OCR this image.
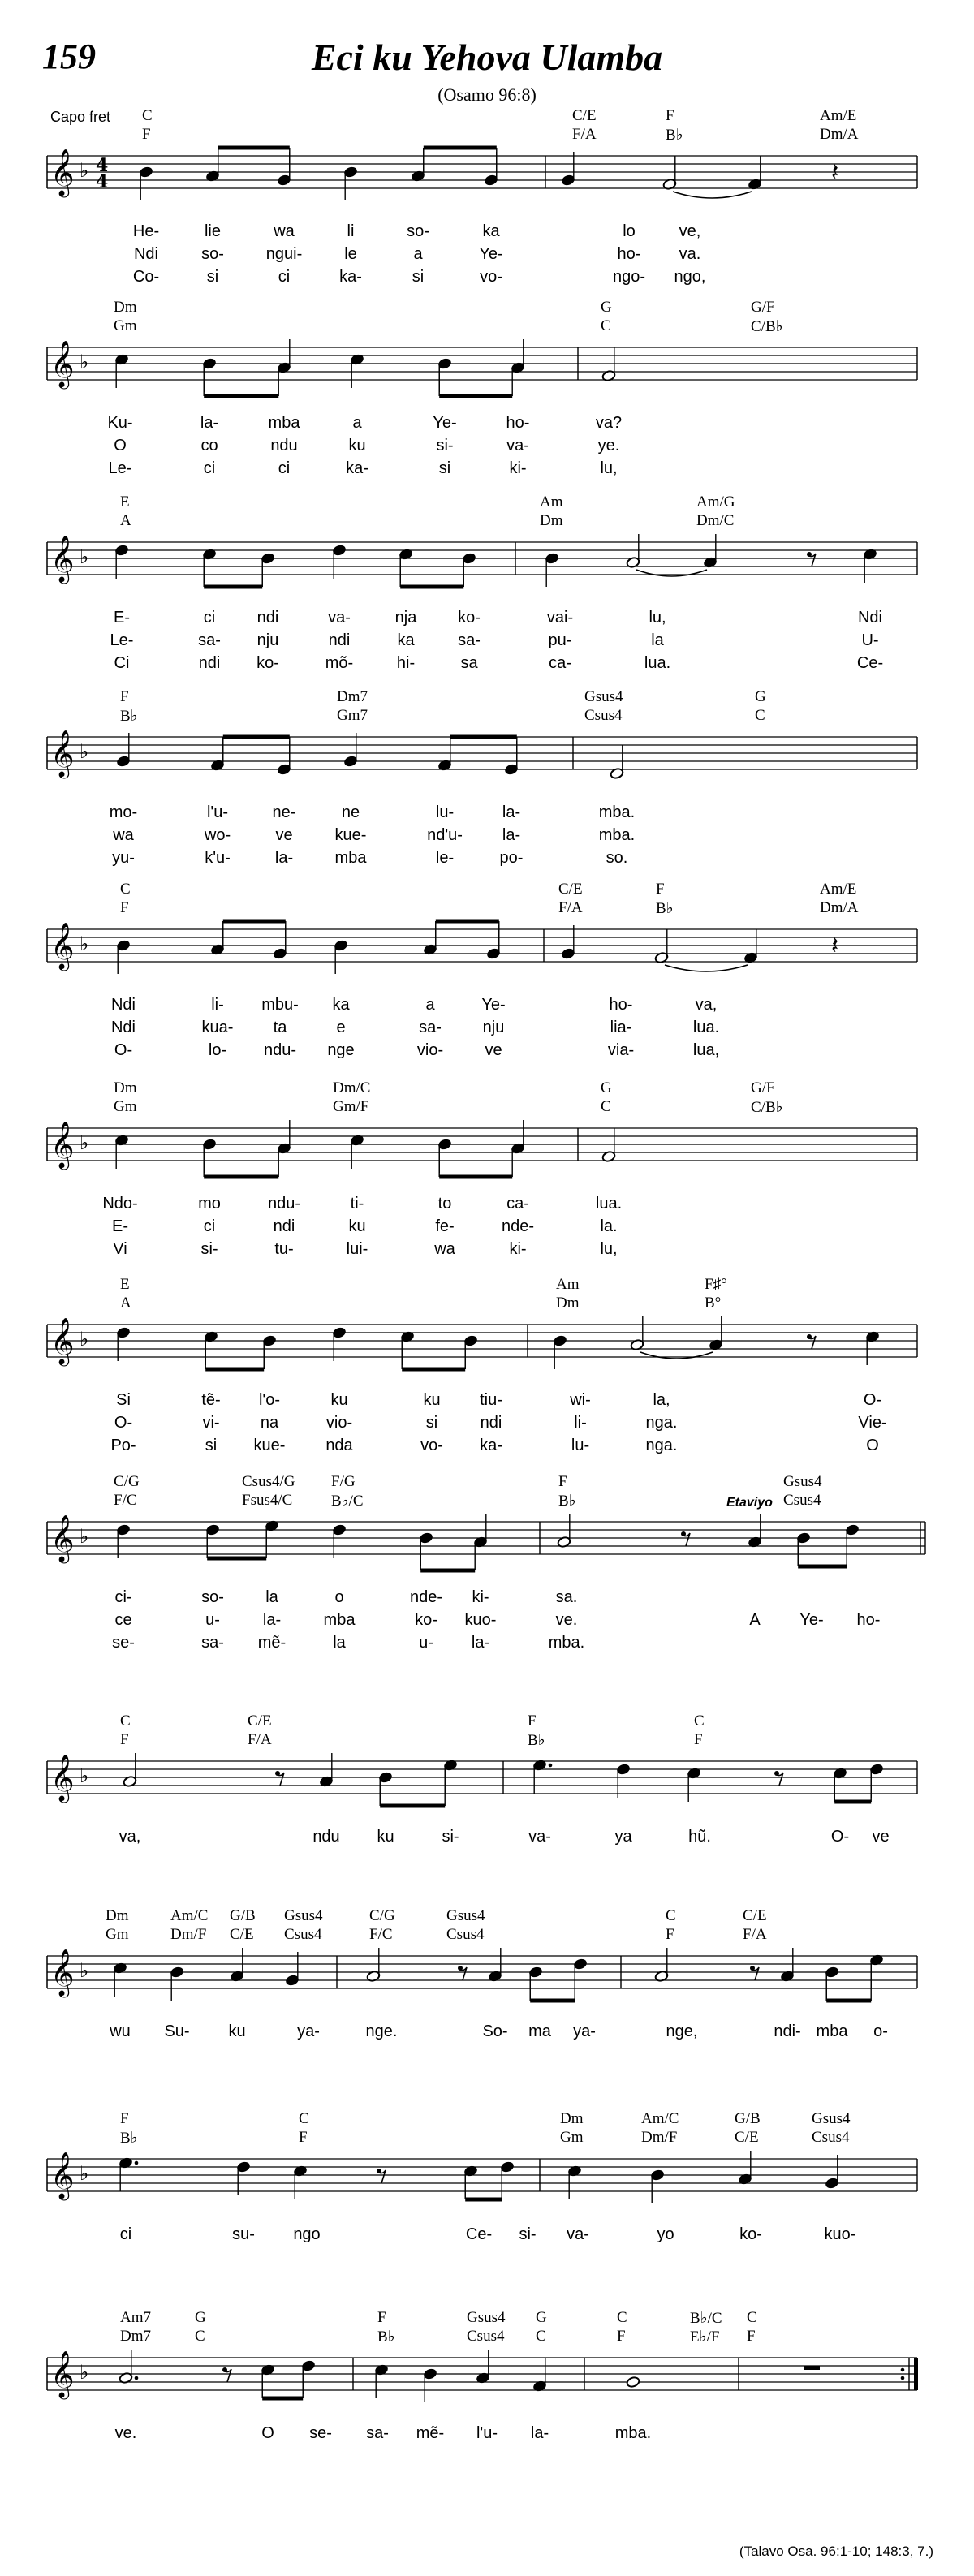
159	Eci ku Yehova Ulamba
(Osamo 96:8)
Capo fret
(Talavo Osa. 96:1-10; 148:3, 7.)
C	C/E	F	Am/E
F	F/A	B♭	Dm/A
𝄞 ♭ 4
4	𝄽
He-	lie	wa	li	so-	ka	lo	ve,
Ndi	so-	ngui-	le	a	Ye-	ho- va.
Co-	si	ci	ka-	si	vo-	ngo- ngo,
Dm	G	G/F
Gm	C	C/B♭
𝄞 ♭
Ku-	la-	mba	a	Ye-	ho-	va?
O	co	ndu	ku	si-	va-	ye.
Le-	ci	ci	ka-	si	ki-	lu,
E	Am	Am/G
A	Dm	Dm/C
𝄞 ♭
E-	ci	ndi	va-	nja	ko-	vai-	lu,	Ndi
Le-	sa- nju	ndi	ka	sa-	pu-	la	U-
Ci	ndi ko-	mõ-	hi-	sa	ca-	lua.	Ce-
F	Dm7	Gsus4	G
B♭	Gm7	Csus4	C
𝄞 ♭
mo-	l'u-	ne-	ne	lu-	la-	mba.
wa	wo-	ve	kue-	nd'u- la-	mba.
yu-	k'u-	la-	mba	le-	po-	so.
C	C/E	F	Am/E
F	F/A	B♭	Dm/A
𝄞 ♭	𝄽
Ndi	li- mbu- ka	a	Ye-	ho-	va,
Ndi	kua- ta	e	sa-	nju	lia-	lua.
O-	lo- ndu- nge	vio-	ve	via-	lua,
Dm	Dm/C	G	G/F
Gm	Gm/F	C	C/B♭
𝄞 ♭
Ndo-	mo	ndu-	ti-	to	ca-	lua.
E-	ci	ndi	ku	fe-	nde-	la.
Vi	si-	tu-	lui-	wa	ki-	lu,
E	Am	F♯°
A	Dm	B°
𝄞 ♭
Si	tẽ- l'o-	ku	ku tiu-	wi-	la,	O-
O-	vi-	na	vio-	si	ndi	li-	nga.	Vie-
Po-	si kue- nda	vo- ka-	lu-	nga.	O
C/G	Csus4/G F/G	F	Gsus4
F/C	Fsus4/C	B♭/C	B♭	Csus4
Etaviyo
𝄞 ♭
ci-	so-	la	o	nde- ki-	sa.
ce	u-	la-	mba	ko- kuo-	ve.	A Ye- ho-
se-	sa- mẽ-	la	u- la-	mba.
C	C/E	F	C
F	F/A	B♭	F
𝄞 ♭
va,	ndu ku	si-	va-	ya	hũ.	O- ve
Dm	Am/C G/B Gsus4	C/G	Gsus4	C	C/E
Gm	Dm/F C/E Csus4	F/C	Csus4	F	F/A
𝄞 ♭
wu Su- ku	ya-	nge.	So- ma ya-	nge,	ndi- mba o-
F	C	Dm	Am/C	G/B	Gsus4
B♭	F	Gm	Dm/F	C/E	Csus4
𝄞 ♭
ci	su- ngo	Ce- si- va-	yo	ko-	kuo-
Am7	G	F	Gsus4 G	C	B♭/C C
Dm7	C	B♭	Csus4 C	F	E♭/F F
𝄞 ♭
ve.	O se- sa- mẽ- l'u- la-	mba.
